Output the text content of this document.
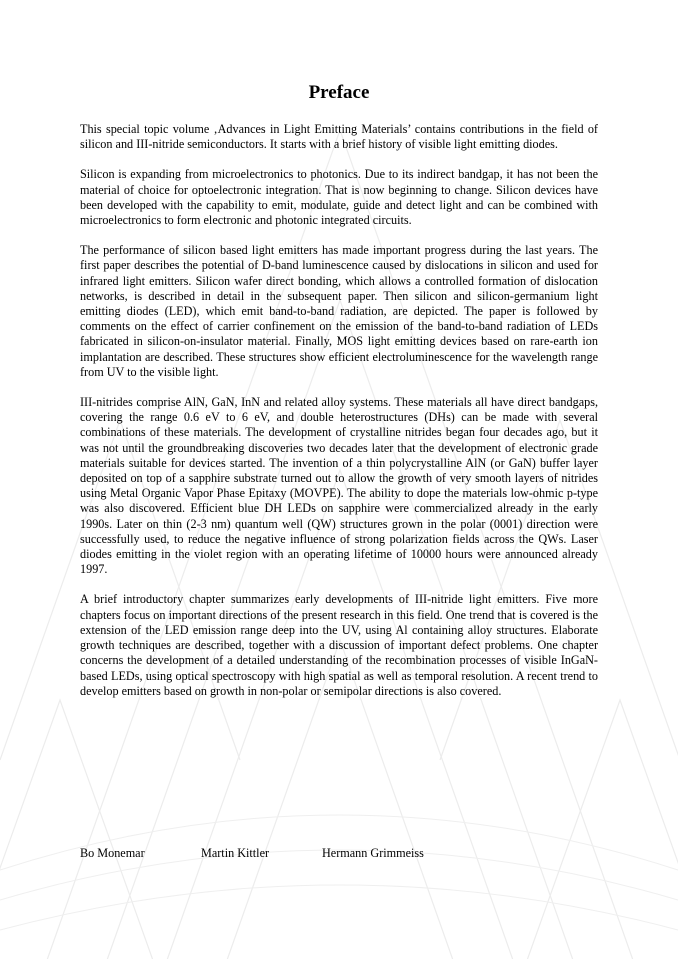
Preface

This special topic volume ‚Advances in Light Emitting Materials’ contains contributions in the field of silicon and III-nitride semiconductors. It starts with a brief history of visible light emitting diodes.

Silicon is expanding from microelectronics to photonics. Due to its indirect bandgap, it has not been the material of choice for optoelectronic integration. That is now beginning to change. Silicon devices have been developed with the capability to emit, modulate, guide and detect light and can be combined with microelectronics to form electronic and photonic integrated circuits.

The performance of silicon based light emitters has made important progress during the last years. The first paper describes the potential of D-band luminescence caused by dislocations in silicon and used for infrared light emitters. Silicon wafer direct bonding, which allows a controlled formation of dislocation networks, is described in detail in the subsequent paper. Then silicon and silicon-germanium light emitting diodes (LED), which emit band-to-band radiation, are depicted. The paper is followed by comments on the effect of carrier confinement on the emission of the band-to-band radiation of LEDs fabricated in silicon-on-insulator material. Finally, MOS light emitting devices based on rare-earth ion implantation are described. These structures show efficient electroluminescence for the wavelength range from UV to the visible light.

III-nitrides comprise AlN, GaN, InN and related alloy systems. These materials all have direct bandgaps, covering the range 0.6 eV to 6 eV, and double heterostructures (DHs) can be made with several combinations of these materials. The development of crystalline nitrides began four decades ago, but it was not until the groundbreaking discoveries two decades later that the development of electronic grade materials suitable for devices started. The invention of a thin polycrystalline AlN (or GaN) buffer layer deposited on top of a sapphire substrate turned out to allow the growth of very smooth layers of nitrides using Metal Organic Vapor Phase Epitaxy (MOVPE). The ability to dope the materials low-ohmic p-type was also discovered. Efficient blue DH LEDs on sapphire were commercialized already in the early 1990s. Later on thin (2-3 nm) quantum well (QW) structures grown in the polar (0001) direction were successfully used, to reduce the negative influence of strong polarization fields across the QWs. Laser diodes emitting in the violet region with an operating lifetime of 10000 hours were announced already 1997.

A brief introductory chapter summarizes early developments of III-nitride light emitters. Five more chapters focus on important directions of the present research in this field. One trend that is covered is the extension of the LED emission range deep into the UV, using Al containing alloy structures. Elaborate growth techniques are described, together with a discussion of important defect problems. One chapter concerns the development of a detailed understanding of the recombination processes of visible InGaN-based LEDs, using optical spectroscopy with high spatial as well as temporal resolution. A recent trend to develop emitters based on growth in non-polar or semipolar directions is also covered.

Bo Monemar	Martin Kittler	Hermann Grimmeiss
